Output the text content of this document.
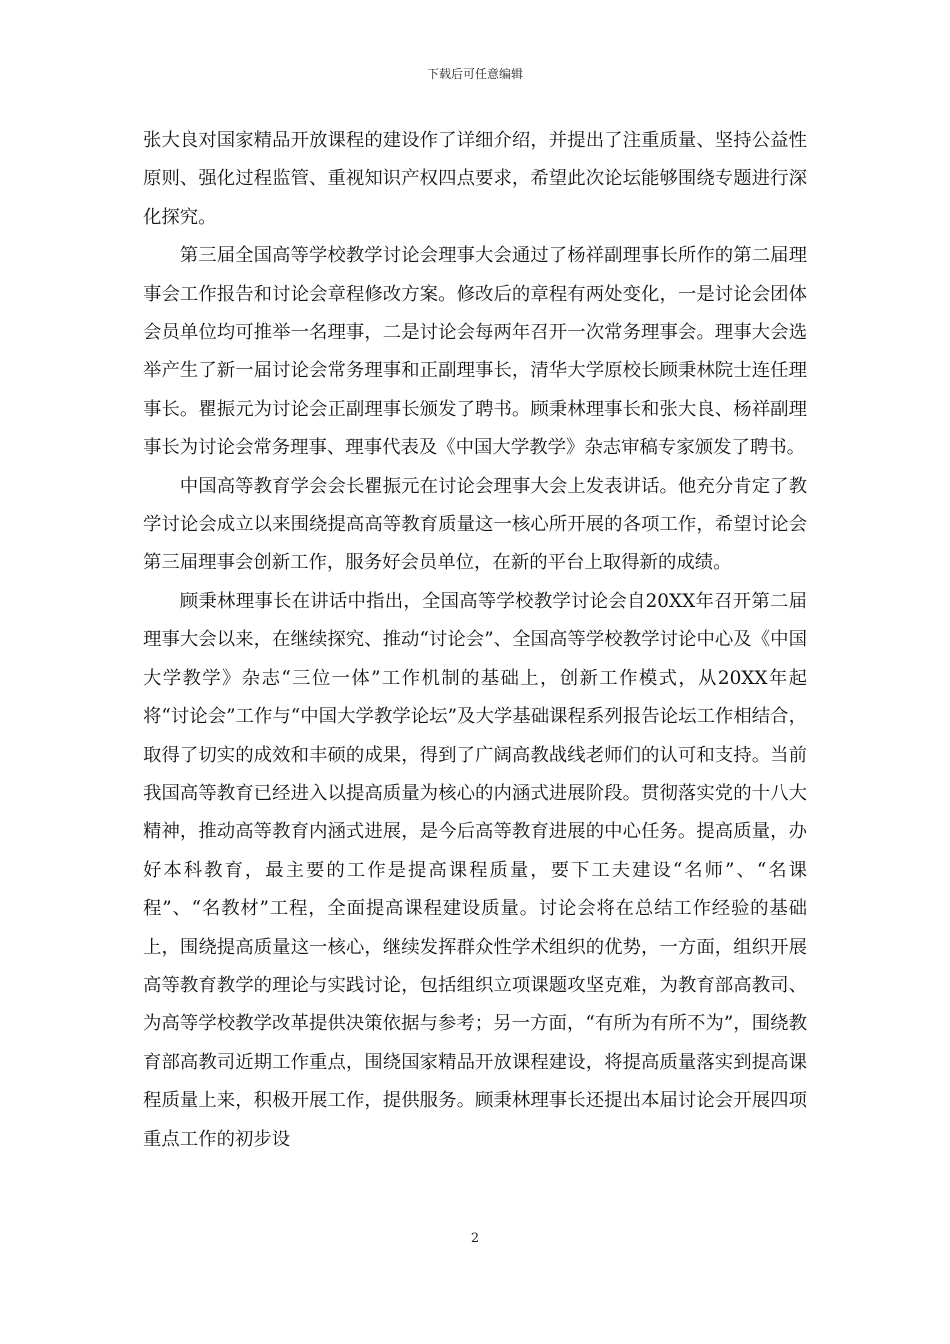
下载后可任意编辑

张大良对国家精品开放课程的建设作了详细介绍，并提出了注重质量、坚持公益性原则、强化过程监管、重视知识产权四点要求，希望此次论坛能够围绕专题进行深化探究。

第三届全国高等学校教学讨论会理事大会通过了杨祥副理事长所作的第二届理事会工作报告和讨论会章程修改方案。修改后的章程有两处变化，一是讨论会团体会员单位均可推举一名理事，二是讨论会每两年召开一次常务理事会。理事大会选举产生了新一届讨论会常务理事和正副理事长，清华大学原校长顾秉林院士连任理事长。瞿振元为讨论会正副理事长颁发了聘书。顾秉林理事长和张大良、杨祥副理事长为讨论会常务理事、理事代表及《中国大学教学》杂志审稿专家颁发了聘书。

中国高等教育学会会长瞿振元在讨论会理事大会上发表讲话。他充分肯定了教学讨论会成立以来围绕提高高等教育质量这一核心所开展的各项工作，希望讨论会第三届理事会创新工作，服务好会员单位，在新的平台上取得新的成绩。

顾秉林理事长在讲话中指出，全国高等学校教学讨论会自20XX年召开第二届理事大会以来，在继续探究、推动“讨论会”、全国高等学校教学讨论中心及《中国大学教学》杂志“三位一体”工作机制的基础上，创新工作模式，从20XX年起将“讨论会”工作与“中国大学教学论坛”及大学基础课程系列报告论坛工作相结合，取得了切实的成效和丰硕的成果，得到了广阔高教战线老师们的认可和支持。当前我国高等教育已经进入以提高质量为核心的内涵式进展阶段。贯彻落实党的十八大精神，推动高等教育内涵式进展，是今后高等教育进展的中心任务。提高质量，办好本科教育，最主要的工作是提高课程质量，要下工夫建设“名师”、“名课程”、“名教材”工程，全面提高课程建设质量。讨论会将在总结工作经验的基础上，围绕提高质量这一核心，继续发挥群众性学术组织的优势，一方面，组织开展高等教育教学的理论与实践讨论，包括组织立项课题攻坚克难，为教育部高教司、为高等学校教学改革提供决策依据与参考；另一方面，“有所为有所不为”，围绕教育部高教司近期工作重点，围绕国家精品开放课程建设，将提高质量落实到提高课程质量上来，积极开展工作，提供服务。顾秉林理事长还提出本届讨论会开展四项重点工作的初步设

2
